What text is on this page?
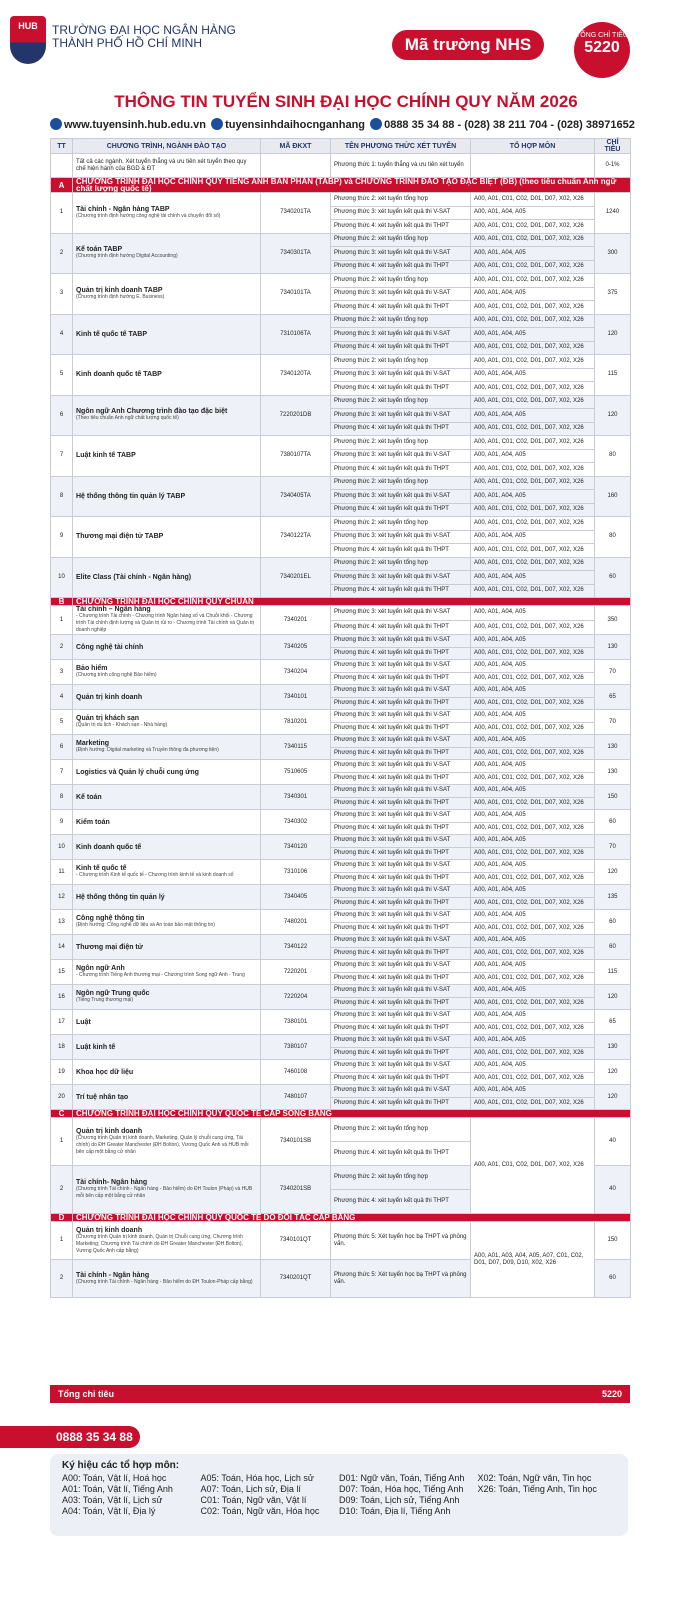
HUB	TRƯỜNG ĐẠI HỌC NGÂN HÀNG
THÀNH PHỐ HỒ CHÍ MINH	Mã trường NHS	TỔNG CHỈ TIÊU
5220
THÔNG TIN TUYỂN SINH ĐẠI HỌC CHÍNH QUY NĂM 2026
www.tuyensinh.hub.edu.vn tuyensinhdaihocnganhang 0888 35 34 88 - (028) 38 211 704 - (028) 38971652
TT	CHƯƠNG TRÌNH, NGÀNH ĐÀO TẠO	MÃ ĐKXT	TÊN PHƯƠNG THỨC XÉT TUYỂN	TỔ HỢP MÔN	CHỈ TIÊU
	Tất cả các ngành. Xét tuyển thẳng và ưu tiên xét tuyển theo quy chế hiện hành của BGD & ĐT		Phương thức 1: tuyển thẳng và ưu tiên xét tuyển		0-1%
A	CHƯƠNG TRÌNH ĐẠI HỌC CHÍNH QUY TIẾNG ANH BÁN PHẦN (TABP) và CHƯƠNG TRÌNH ĐÀO TẠO ĐẶC BIỆT (ĐB) (theo tiêu chuẩn Anh ngữ chất lượng quốc tế)				
1	Tài chính - Ngân hàng TABP
(Chương trình định hướng công nghệ tài chính và chuyển đổi số)	7340201TA	Phương thức 2: xét tuyển tổng hợp	A00, A01, C01, C02, D01, D07, X02, X26	1240
			Phương thức 3: xét tuyển kết quả thi V-SAT	A00, A01, A04, A05	
			Phương thức 4: xét tuyển kết quả thi THPT	A00, A01, C01, C02, D01, D07, X02, X26	
2	Kế toán TABP
(Chương trình định hướng Digital Accounting)	7340301TA	Phương thức 2: xét tuyển tổng hợp	A00, A01, C01, C02, D01, D07, X02, X26	300
			Phương thức 3: xét tuyển kết quả thi V-SAT	A00, A01, A04, A05	
			Phương thức 4: xét tuyển kết quả thi THPT	A00, A01, C01, C02, D01, D07, X02, X26	
3	Quản trị kinh doanh TABP
(Chương trình định hướng E. Business)	7340101TA	Phương thức 2: xét tuyển tổng hợp	A00, A01, C01, C02, D01, D07, X02, X26	375
			Phương thức 3: xét tuyển kết quả thi V-SAT	A00, A01, A04, A05	
			Phương thức 4: xét tuyển kết quả thi THPT	A00, A01, C01, C02, D01, D07, X02, X26	
4	Kinh tế quốc tế TABP	7310106TA	Phương thức 2: xét tuyển tổng hợp	A00, A01, C01, C02, D01, D07, X02, X26	120
			Phương thức 3: xét tuyển kết quả thi V-SAT	A00, A01, A04, A05	
			Phương thức 4: xét tuyển kết quả thi THPT	A00, A01, C01, C02, D01, D07, X02, X26	
5	Kinh doanh quốc tế TABP	7340120TA	Phương thức 2: xét tuyển tổng hợp	A00, A01, C01, C02, D01, D07, X02, X26	115
			Phương thức 3: xét tuyển kết quả thi V-SAT	A00, A01, A04, A05	
			Phương thức 4: xét tuyển kết quả thi THPT	A00, A01, C01, C02, D01, D07, X02, X26	
6	Ngôn ngữ Anh Chương trình đào tạo đặc biệt
(Theo tiêu chuẩn Anh ngữ chất lượng quốc tế)	7220201DB	Phương thức 2: xét tuyển tổng hợp	A00, A01, C01, C02, D01, D07, X02, X26	120
			Phương thức 3: xét tuyển kết quả thi V-SAT	A00, A01, A04, A05	
			Phương thức 4: xét tuyển kết quả thi THPT	A00, A01, C01, C02, D01, D07, X02, X26	
7	Luật kinh tế TABP	7380107TA	Phương thức 2: xét tuyển tổng hợp	A00, A01, C01, C02, D01, D07, X02, X26	80
			Phương thức 3: xét tuyển kết quả thi V-SAT	A00, A01, A04, A05	
			Phương thức 4: xét tuyển kết quả thi THPT	A00, A01, C01, C02, D01, D07, X02, X26	
8	Hệ thống thông tin quản lý TABP	7340405TA	Phương thức 2: xét tuyển tổng hợp	A00, A01, C01, C02, D01, D07, X02, X26	160
			Phương thức 3: xét tuyển kết quả thi V-SAT	A00, A01, A04, A05	
			Phương thức 4: xét tuyển kết quả thi THPT	A00, A01, C01, C02, D01, D07, X02, X26	
9	Thương mại điện tử TABP	7340122TA	Phương thức 2: xét tuyển tổng hợp	A00, A01, C01, C02, D01, D07, X02, X26	80
			Phương thức 3: xét tuyển kết quả thi V-SAT	A00, A01, A04, A05	
			Phương thức 4: xét tuyển kết quả thi THPT	A00, A01, C01, C02, D01, D07, X02, X26	
10	Elite Class (Tài chính - Ngân hàng)	7340201EL	Phương thức 2: xét tuyển tổng hợp	A00, A01, C01, C02, D01, D07, X02, X26	60
			Phương thức 3: xét tuyển kết quả thi V-SAT	A00, A01, A04, A05	
			Phương thức 4: xét tuyển kết quả thi THPT	A00, A01, C01, C02, D01, D07, X02, X26	
B	CHƯƠNG TRÌNH ĐẠI HỌC CHÍNH QUY CHUẨN				
1	Tài chính – Ngân hàng
- Chương trình Tài chính - Chương trình Ngân hàng số và Chuỗi khối - Chương trình Tài chính định lượng và Quản trị rủi ro - Chương trình Tài chính và Quản trị doanh nghiệp	7340201	Phương thức 3: xét tuyển kết quả thi V-SAT	A00, A01, A04, A05	350
			Phương thức 4: xét tuyển kết quả thi THPT	A00, A01, C01, C02, D01, D07, X02, X26	
2	Công nghệ tài chính	7340205	Phương thức 3: xét tuyển kết quả thi V-SAT	A00, A01, A04, A05	130
			Phương thức 4: xét tuyển kết quả thi THPT	A00, A01, C01, C02, D01, D07, X02, X26	
3	Bảo hiểm
(Chương trình công nghệ Bảo hiểm)	7340204	Phương thức 3: xét tuyển kết quả thi V-SAT	A00, A01, A04, A05	70
			Phương thức 4: xét tuyển kết quả thi THPT	A00, A01, C01, C02, D01, D07, X02, X26	
4	Quản trị kinh doanh	7340101	Phương thức 3: xét tuyển kết quả thi V-SAT	A00, A01, A04, A05	65
			Phương thức 4: xét tuyển kết quả thi THPT	A00, A01, C01, C02, D01, D07, X02, X26	
5	Quản trị khách sạn
(Quản trị du lịch - Khách sạn - Nhà hàng)	7810201	Phương thức 3: xét tuyển kết quả thi V-SAT	A00, A01, A04, A05	70
			Phương thức 4: xét tuyển kết quả thi THPT	A00, A01, C01, C02, D01, D07, X02, X26	
6	Marketing
(Định hướng: Digital marketing và Truyền thông đa phương tiện)	7340115	Phương thức 3: xét tuyển kết quả thi V-SAT	A00, A01, A04, A05	130
			Phương thức 4: xét tuyển kết quả thi THPT	A00, A01, C01, C02, D01, D07, X02, X26	
7	Logistics và Quản lý chuỗi cung ứng	7510605	Phương thức 3: xét tuyển kết quả thi V-SAT	A00, A01, A04, A05	130
			Phương thức 4: xét tuyển kết quả thi THPT	A00, A01, C01, C02, D01, D07, X02, X26	
8	Kế toán	7340301	Phương thức 3: xét tuyển kết quả thi V-SAT	A00, A01, A04, A05	150
			Phương thức 4: xét tuyển kết quả thi THPT	A00, A01, C01, C02, D01, D07, X02, X26	
9	Kiểm toán	7340302	Phương thức 3: xét tuyển kết quả thi V-SAT	A00, A01, A04, A05	60
			Phương thức 4: xét tuyển kết quả thi THPT	A00, A01, C01, C02, D01, D07, X02, X26	
10	Kinh doanh quốc tế	7340120	Phương thức 3: xét tuyển kết quả thi V-SAT	A00, A01, A04, A05	70
			Phương thức 4: xét tuyển kết quả thi THPT	A00, A01, C01, C02, D01, D07, X02, X26	
11	Kinh tế quốc tế
- Chương trình Kinh tế quốc tế - Chương trình kinh tế và kinh doanh số	7310106	Phương thức 3: xét tuyển kết quả thi V-SAT	A00, A01, A04, A05	120
			Phương thức 4: xét tuyển kết quả thi THPT	A00, A01, C01, C02, D01, D07, X02, X26	
12	Hệ thống thông tin quản lý	7340405	Phương thức 3: xét tuyển kết quả thi V-SAT	A00, A01, A04, A05	135
			Phương thức 4: xét tuyển kết quả thi THPT	A00, A01, C01, C02, D01, D07, X02, X26	
13	Công nghệ thông tin
(Định hướng: Công nghệ dữ liệu và An toàn bảo mật thông tin)	7480201	Phương thức 3: xét tuyển kết quả thi V-SAT	A00, A01, A04, A05	60
			Phương thức 4: xét tuyển kết quả thi THPT	A00, A01, C01, C02, D01, D07, X02, X26	
14	Thương mại điện tử	7340122	Phương thức 3: xét tuyển kết quả thi V-SAT	A00, A01, A04, A05	60
			Phương thức 4: xét tuyển kết quả thi THPT	A00, A01, C01, C02, D01, D07, X02, X26	
15	Ngôn ngữ Anh
- Chương trình Tiếng Anh thương mại - Chương trình Song ngữ Anh - Trung	7220201	Phương thức 3: xét tuyển kết quả thi V-SAT	A00, A01, A04, A05	115
			Phương thức 4: xét tuyển kết quả thi THPT	A00, A01, C01, C02, D01, D07, X02, X26	
16	Ngôn ngữ Trung quốc
(Tiếng Trung thương mại)	7220204	Phương thức 3: xét tuyển kết quả thi V-SAT	A00, A01, A04, A05	120
			Phương thức 4: xét tuyển kết quả thi THPT	A00, A01, C01, C02, D01, D07, X02, X26	
17	Luật	7380101	Phương thức 3: xét tuyển kết quả thi V-SAT	A00, A01, A04, A05	65
			Phương thức 4: xét tuyển kết quả thi THPT	A00, A01, C01, C02, D01, D07, X02, X26	
18	Luật kinh tế	7380107	Phương thức 3: xét tuyển kết quả thi V-SAT	A00, A01, A04, A05	130
			Phương thức 4: xét tuyển kết quả thi THPT	A00, A01, C01, C02, D01, D07, X02, X26	
19	Khoa học dữ liệu	7460108	Phương thức 3: xét tuyển kết quả thi V-SAT	A00, A01, A04, A05	120
			Phương thức 4: xét tuyển kết quả thi THPT	A00, A01, C01, C02, D01, D07, X02, X26	
20	Trí tuệ nhân tạo	7480107	Phương thức 3: xét tuyển kết quả thi V-SAT	A00, A01, A04, A05	120
			Phương thức 4: xét tuyển kết quả thi THPT	A00, A01, C01, C02, D01, D07, X02, X26	
C	CHƯƠNG TRÌNH ĐẠI HỌC CHÍNH QUY QUỐC TẾ CẤP SONG BẰNG				
1	Quản trị kinh doanh
(Chương trình Quản trị kinh doanh, Marketing, Quản lý chuỗi cung ứng, Tài chính) do ĐH Greater Manchester (ĐH Bolton), Vương Quốc Anh và HUB mỗi bên cấp một bằng cử nhân	7340101SB	Phương thức 2: xét tuyển tổng hợp	A00, A01, C01, C02, D01, D07, X02, X26	40
			Phương thức 4: xét tuyển kết quả thi THPT		
2	Tài chính- Ngân hàng
(Chương trình Tài chính - Ngân hàng - Bảo hiểm) do ĐH Toulon (Pháp) và HUB mỗi bên cấp một bằng cử nhân	7340201SB	Phương thức 2: xét tuyển tổng hợp		40
			Phương thức 4: xét tuyển kết quả thi THPT		
D	CHƯƠNG TRÌNH ĐẠI HỌC CHÍNH QUY QUỐC TẾ DO ĐỐI TÁC CẤP BẰNG				
1	Quản trị kinh doanh
(Chương trình Quản trị kinh doanh, Quản trị Chuỗi cung ứng; Chương trình Marketing; Chương trình Tài chính do ĐH Greater Manchester (ĐH Bolton), Vương Quốc Anh cấp bằng)	7340101QT	Phương thức 5: Xét tuyển học bạ THPT và phỏng vấn.	A00, A01, A03, A04, A05, A07, C01, C02, D01, D07, D09, D10, X02, X26	150
2	Tài chính - Ngân hàng
(Chương trình Tài chính - Ngân hàng - Bảo hiểm do ĐH Toulon-Pháp cấp bằng)	7340201QT	Phương thức 5: Xét tuyển học bạ THPT và phỏng vấn.		60
Tổng chỉ tiêu	5220
0888 35 34 88
Ký hiệu các tổ hợp môn:
A00: Toán, Vật lí, Hoá học
A01: Toán, Vật lí, Tiếng Anh
A03: Toán, Vật lí, Lịch sử
A04: Toán, Vật lí, Địa lý
A05: Toán, Hóa học, Lịch sử
A07: Toán, Lịch sử, Địa lí
C01: Toán, Ngữ văn, Vật lí
C02: Toán, Ngữ văn, Hóa học
D01: Ngữ văn, Toán, Tiếng Anh
D07: Toán, Hóa học, Tiếng Anh
D09: Toán, Lịch sử, Tiếng Anh
D10: Toán, Địa lí, Tiếng Anh
X02: Toán, Ngữ văn, Tin học
X26: Toán, Tiếng Anh, Tin học
